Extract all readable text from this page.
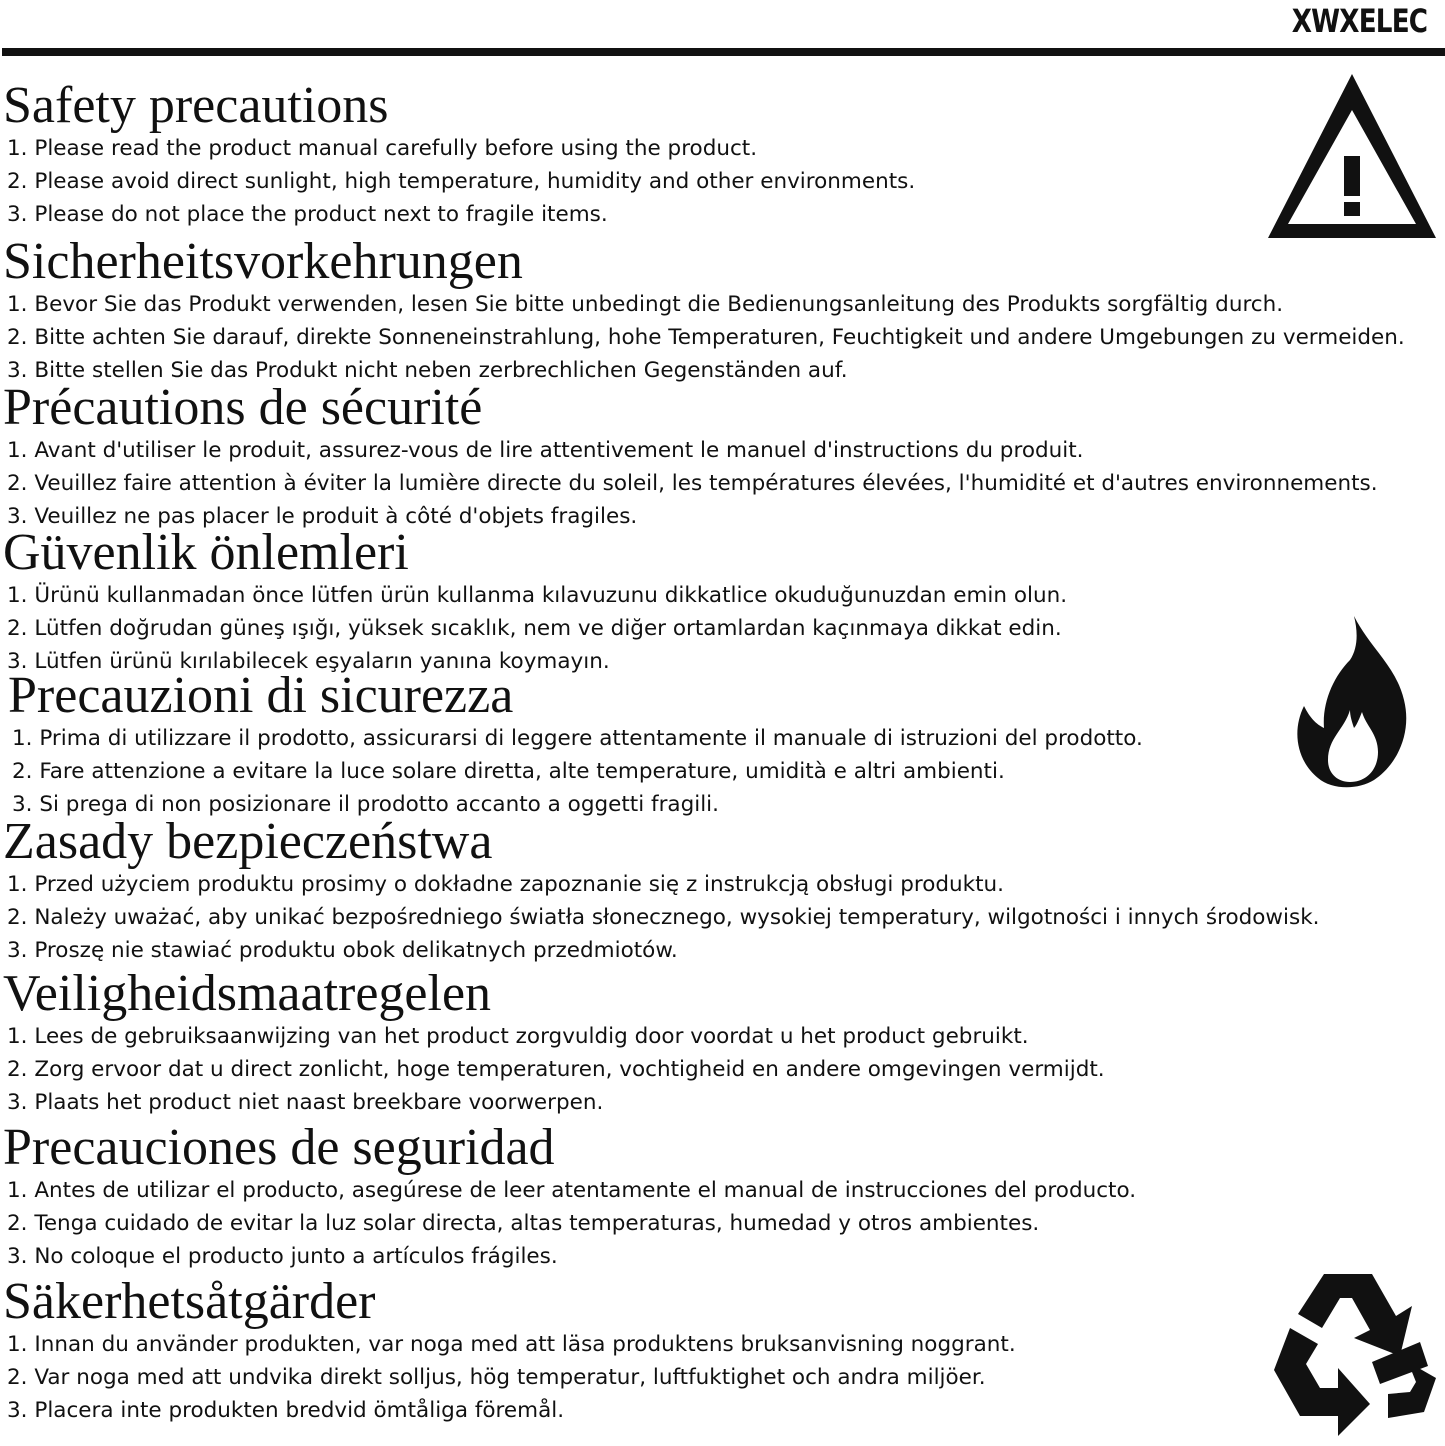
XWXELEC
Safety precautions
1. Please read the product manual carefully before using the product.
2. Please avoid direct sunlight, high temperature, humidity and other environments.
3. Please do not place the product next to fragile items.
Sicherheitsvorkehrungen
1. Bevor Sie das Produkt verwenden, lesen Sie bitte unbedingt die Bedienungsanleitung des Produkts sorgfältig durch.
2. Bitte achten Sie darauf, direkte Sonneneinstrahlung, hohe Temperaturen, Feuchtigkeit und andere Umgebungen zu vermeiden.
3. Bitte stellen Sie das Produkt nicht neben zerbrechlichen Gegenständen auf.
Précautions de sécurité
1. Avant d'utiliser le produit, assurez-vous de lire attentivement le manuel d'instructions du produit.
2. Veuillez faire attention à éviter la lumière directe du soleil, les températures élevées, l'humidité et d'autres environnements.
3. Veuillez ne pas placer le produit à côté d'objets fragiles.
Güvenlik önlemleri
1. Ürünü kullanmadan önce lütfen ürün kullanma kılavuzunu dikkatlice okuduğunuzdan emin olun.
2. Lütfen doğrudan güneş ışığı, yüksek sıcaklık, nem ve diğer ortamlardan kaçınmaya dikkat edin.
3. Lütfen ürünü kırılabilecek eşyaların yanına koymayın.
Precauzioni di sicurezza
1. Prima di utilizzare il prodotto, assicurarsi di leggere attentamente il manuale di istruzioni del prodotto.
2. Fare attenzione a evitare la luce solare diretta, alte temperature, umidità e altri ambienti.
3. Si prega di non posizionare il prodotto accanto a oggetti fragili.
Zasady bezpieczeństwa
1. Przed użyciem produktu prosimy o dokładne zapoznanie się z instrukcją obsługi produktu.
2. Należy uważać, aby unikać bezpośredniego światła słonecznego, wysokiej temperatury, wilgotności i innych środowisk.
3. Proszę nie stawiać produktu obok delikatnych przedmiotów.
Veiligheidsmaatregelen
1. Lees de gebruiksaanwijzing van het product zorgvuldig door voordat u het product gebruikt.
2. Zorg ervoor dat u direct zonlicht, hoge temperaturen, vochtigheid en andere omgevingen vermijdt.
3. Plaats het product niet naast breekbare voorwerpen.
Precauciones de seguridad
1. Antes de utilizar el producto, asegúrese de leer atentamente el manual de instrucciones del producto.
2. Tenga cuidado de evitar la luz solar directa, altas temperaturas, humedad y otros ambientes.
3. No coloque el producto junto a artículos frágiles.
Säkerhetsåtgärder
1. Innan du använder produkten, var noga med att läsa produktens bruksanvisning noggrant.
2. Var noga med att undvika direkt solljus, hög temperatur, luftfuktighet och andra miljöer.
3. Placera inte produkten bredvid ömtåliga föremål.
